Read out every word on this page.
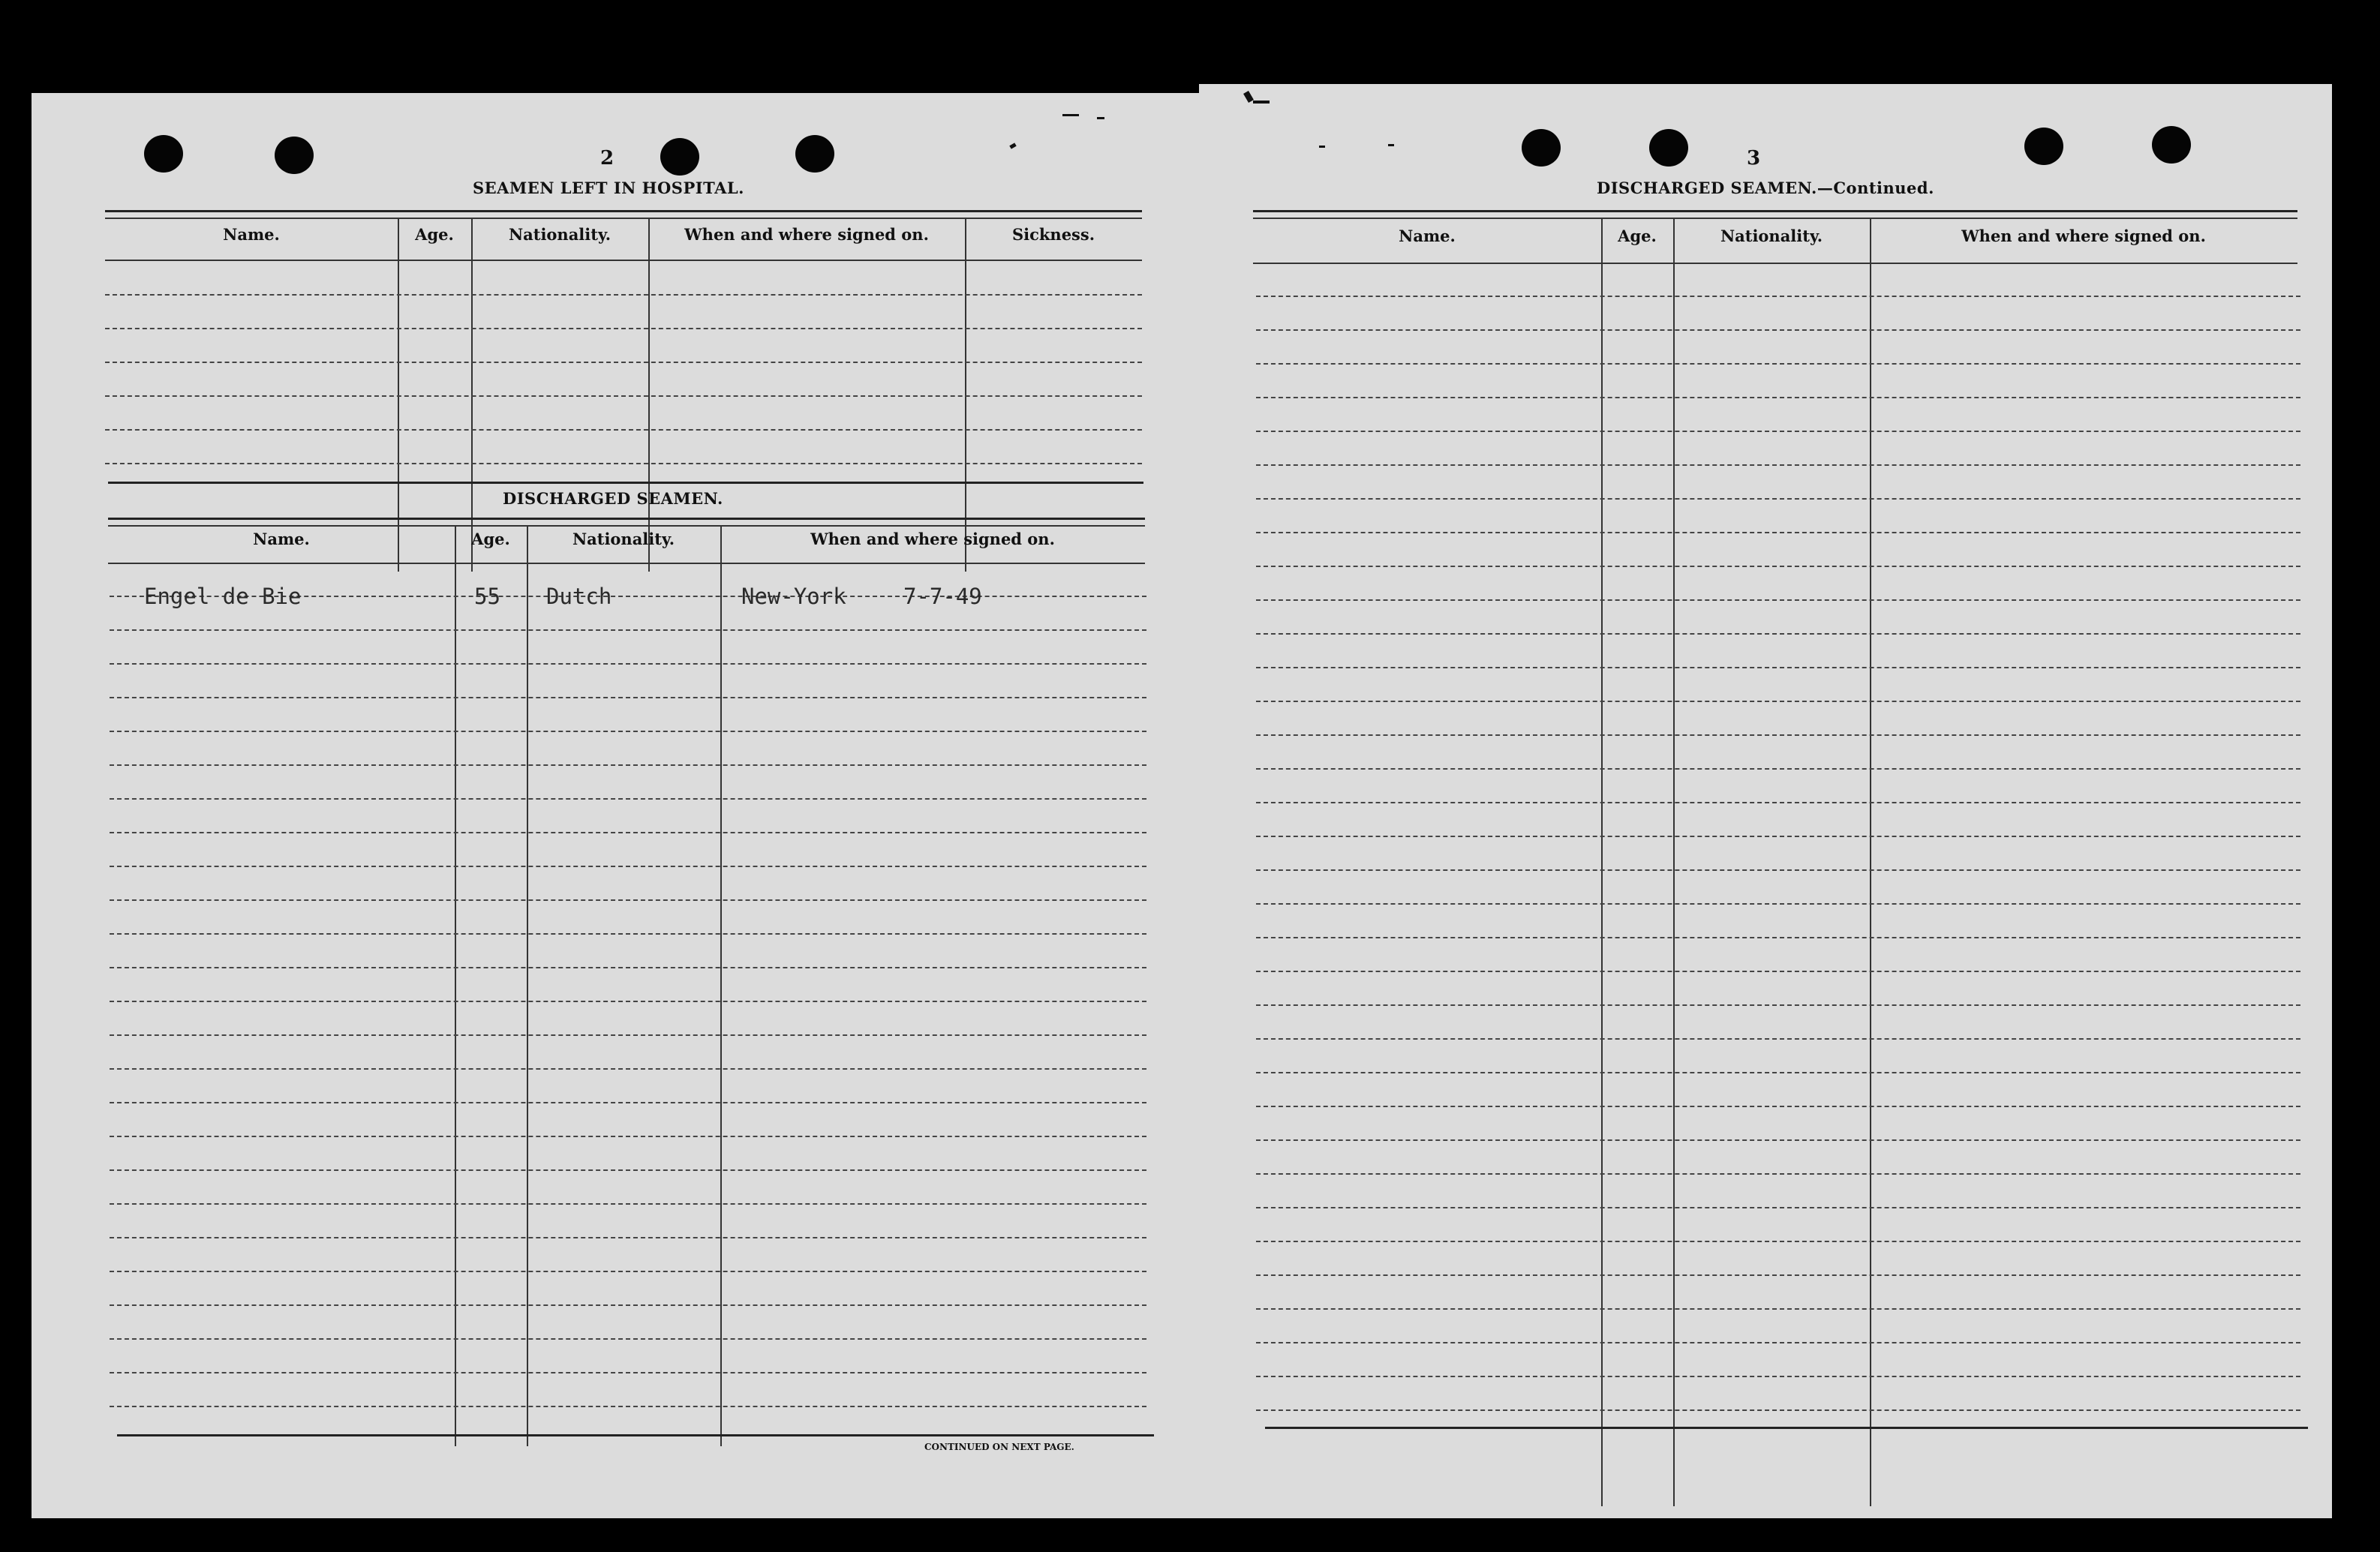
2
SEAMEN LEFT IN HOSPITAL.
Name.	Age.	Nationality.	When and where signed on.	Sickness.
DISCHARGED SEAMEN.
Name.	Age.	Nationality.	When and where signed on.
Engel de Bie	55 Dutch	New-York	7-7-49
CONTINUED ON NEXT PAGE.
3
DISCHARGED SEAMEN.—Continued.
Name.	Age.	Nationality.	When and where signed on.
